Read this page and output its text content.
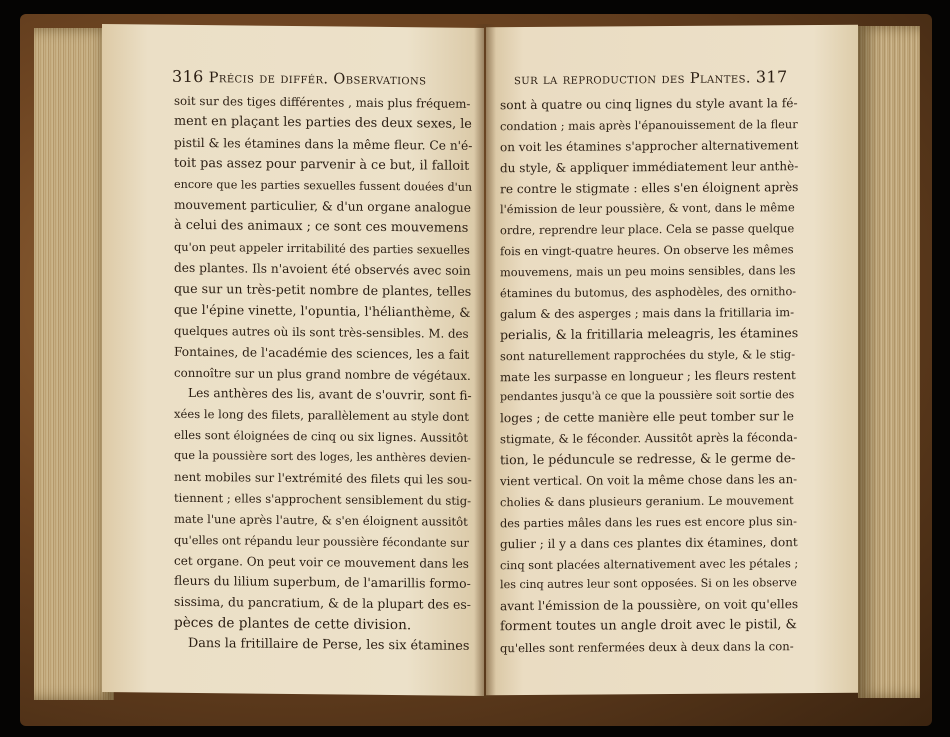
316 Précis de différ. Observations
soit sur des tiges différentes , mais plus fréquem-
ment en plaçant les parties des deux sexes, le
pistil & les étamines dans la même fleur. Ce n'é-
toit pas assez pour parvenir à ce but, il falloit
encore que les parties sexuelles fussent douées d'un
mouvement particulier, & d'un organe analogue
à celui des animaux ; ce sont ces mouvemens
qu'on peut appeler irritabilité des parties sexuelles
des plantes. Ils n'avoient été observés avec soin
que sur un très-petit nombre de plantes, telles
que l'épine vinette, l'opuntia, l'hélianthème, &
quelques autres où ils sont très-sensibles. M. des
Fontaines, de l'académie des sciences, les a fait
connoître sur un plus grand nombre de végétaux.
Les anthères des lis, avant de s'ouvrir, sont fi-
xées le long des filets, parallèlement au style dont
elles sont éloignées de cinq ou six lignes. Aussitôt
que la poussière sort des loges, les anthères devien-
nent mobiles sur l'extrémité des filets qui les sou-
tiennent ; elles s'approchent sensiblement du stig-
mate l'une après l'autre, & s'en éloignent aussitôt
qu'elles ont répandu leur poussière fécondante sur
cet organe. On peut voir ce mouvement dans les
fleurs du lilium superbum, de l'amarillis formo-
sissima, du pancratium, & de la plupart des es-
pèces de plantes de cette division.
Dans la fritillaire de Perse, les six étamines
sur la reproduction des Plantes. 317
sont à quatre ou cinq lignes du style avant la fé-
condation ; mais après l'épanouissement de la fleur
on voit les étamines s'approcher alternativement
du style, & appliquer immédiatement leur anthè-
re contre le stigmate : elles s'en éloignent après
l'émission de leur poussière, & vont, dans le même
ordre, reprendre leur place. Cela se passe quelque
fois en vingt-quatre heures. On observe les mêmes
mouvemens, mais un peu moins sensibles, dans les
étamines du butomus, des asphodèles, des ornitho-
galum & des asperges ; mais dans la fritillaria im-
perialis, & la fritillaria meleagris, les étamines
sont naturellement rapprochées du style, & le stig-
mate les surpasse en longueur ; les fleurs restent
pendantes jusqu'à ce que la poussière soit sortie des
loges ; de cette manière elle peut tomber sur le
stigmate, & le féconder. Aussitôt après la féconda-
tion, le péduncule se redresse, & le germe de-
vient vertical. On voit la même chose dans les an-
cholies & dans plusieurs geranium. Le mouvement
des parties mâles dans les rues est encore plus sin-
gulier ; il y a dans ces plantes dix étamines, dont
cinq sont placées alternativement avec les pétales ;
les cinq autres leur sont opposées. Si on les observe
avant l'émission de la poussière, on voit qu'elles
forment toutes un angle droit avec le pistil, &
qu'elles sont renfermées deux à deux dans la con-
